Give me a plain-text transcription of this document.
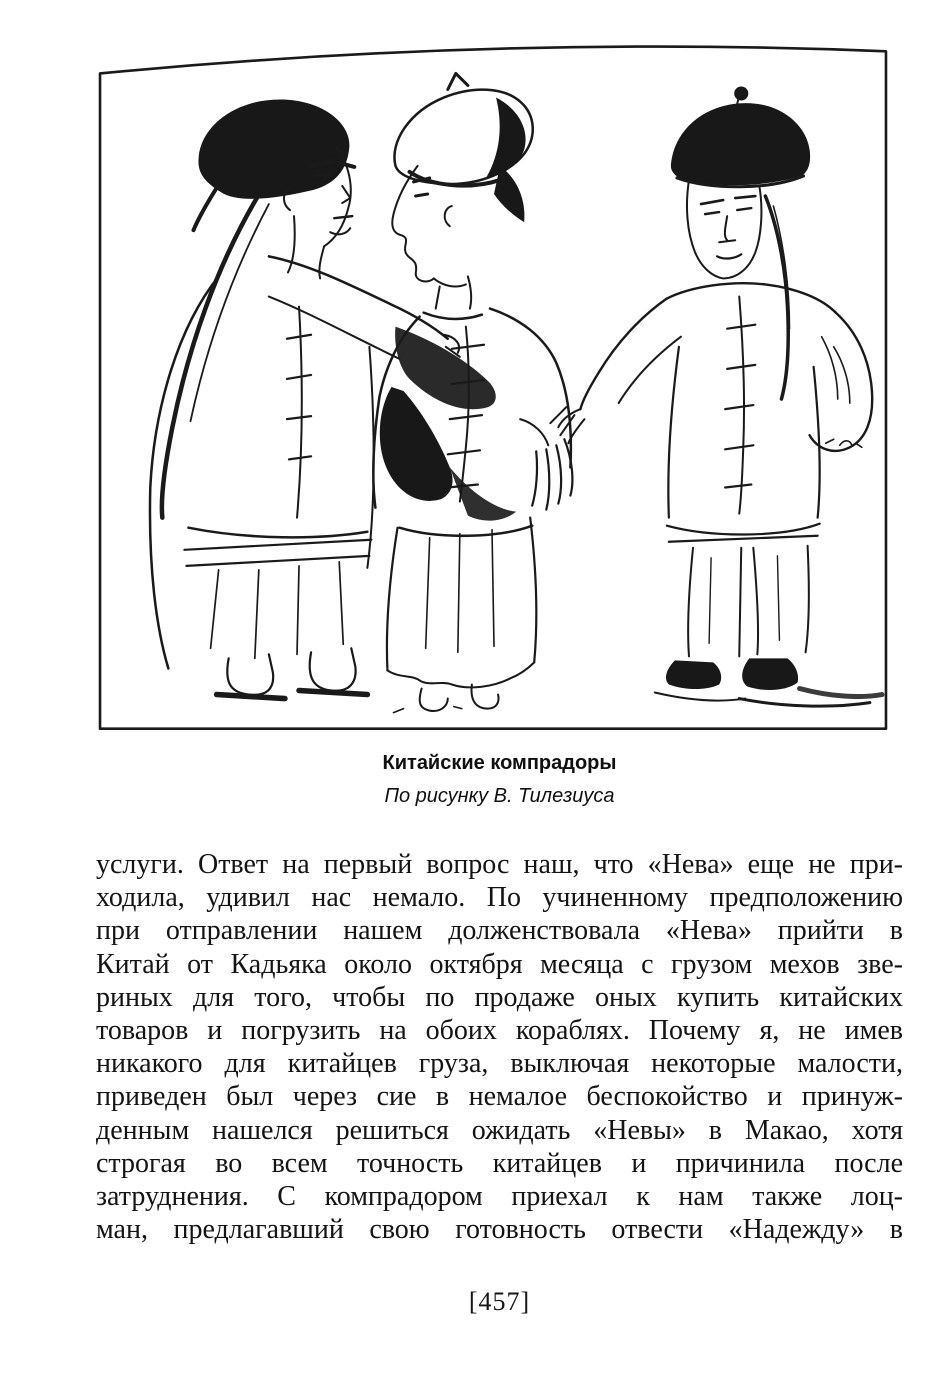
Китайские компрадоры
По рисунку В. Тилезиуса
услуги. Ответ на первый вопрос наш, что «Нева» еще не при-
ходила, удивил нас немало. По учиненному предположению
при отправлении нашем долженствовала «Нева» прийти в
Китай от Кадьяка около октября месяца с грузом мехов зве-
риных для того, чтобы по продаже оных купить китайских
товаров и погрузить на обоих кораблях. Почему я, не имев
никакого для китайцев груза, выключая некоторые малости,
приведен был через сие в немалое беспокойство и принуж-
денным нашелся решиться ожидать «Невы» в Макао, хотя
строгая во всем точность китайцев и причинила после
затруднения. С компрадором приехал к нам также лоц-
ман, предлагавший свою готовность отвести «Надежду» в
[457]
